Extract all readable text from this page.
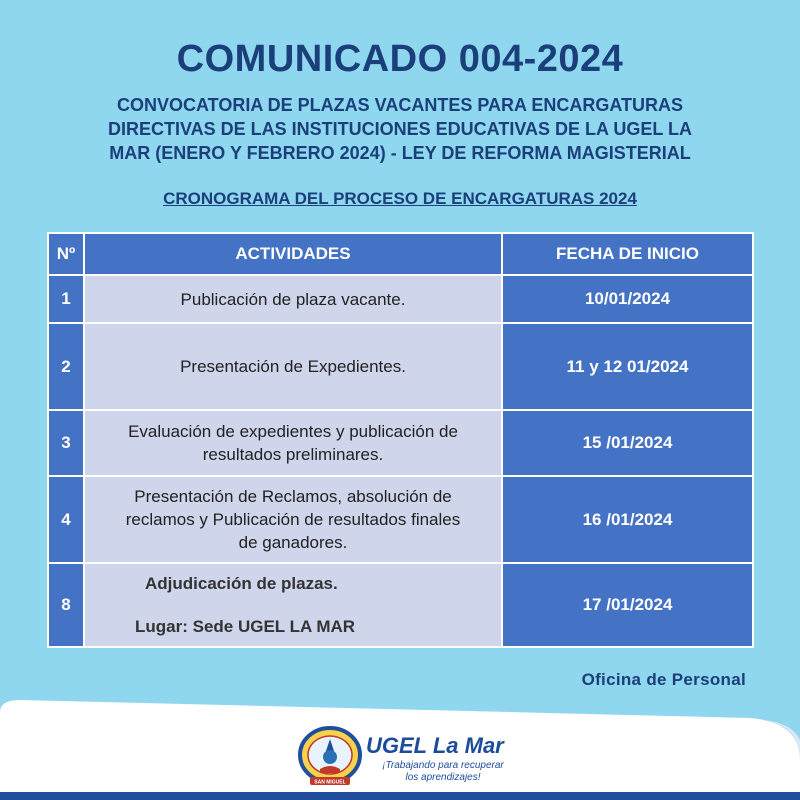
COMUNICADO 004-2024
CONVOCATORIA DE PLAZAS VACANTES PARA ENCARGATURAS
DIRECTIVAS DE LAS INSTITUCIONES EDUCATIVAS DE LA UGEL LA
MAR (ENERO Y FEBRERO 2024) - LEY DE REFORMA MAGISTERIAL
CRONOGRAMA DEL PROCESO DE ENCARGATURAS 2024
Nº	ACTIVIDADES	FECHA DE INICIO
1	Publicación de plaza vacante.	10/01/2024
2	Presentación de Expedientes.	11 y 12 01/2024
3	Evaluación de expedientes y publicación de
resultados preliminares.	15 /01/2024
4	Presentación de Reclamos, absolución de
reclamos y Publicación de resultados finales
de ganadores.	16 /01/2024
8	Adjudicación de plazas.
Lugar: Sede UGEL LA MAR	17 /01/2024
Oficina de Personal
SAN MIGUEL
UGEL La Mar
¡Trabajando para recuperar
los aprendizajes!
